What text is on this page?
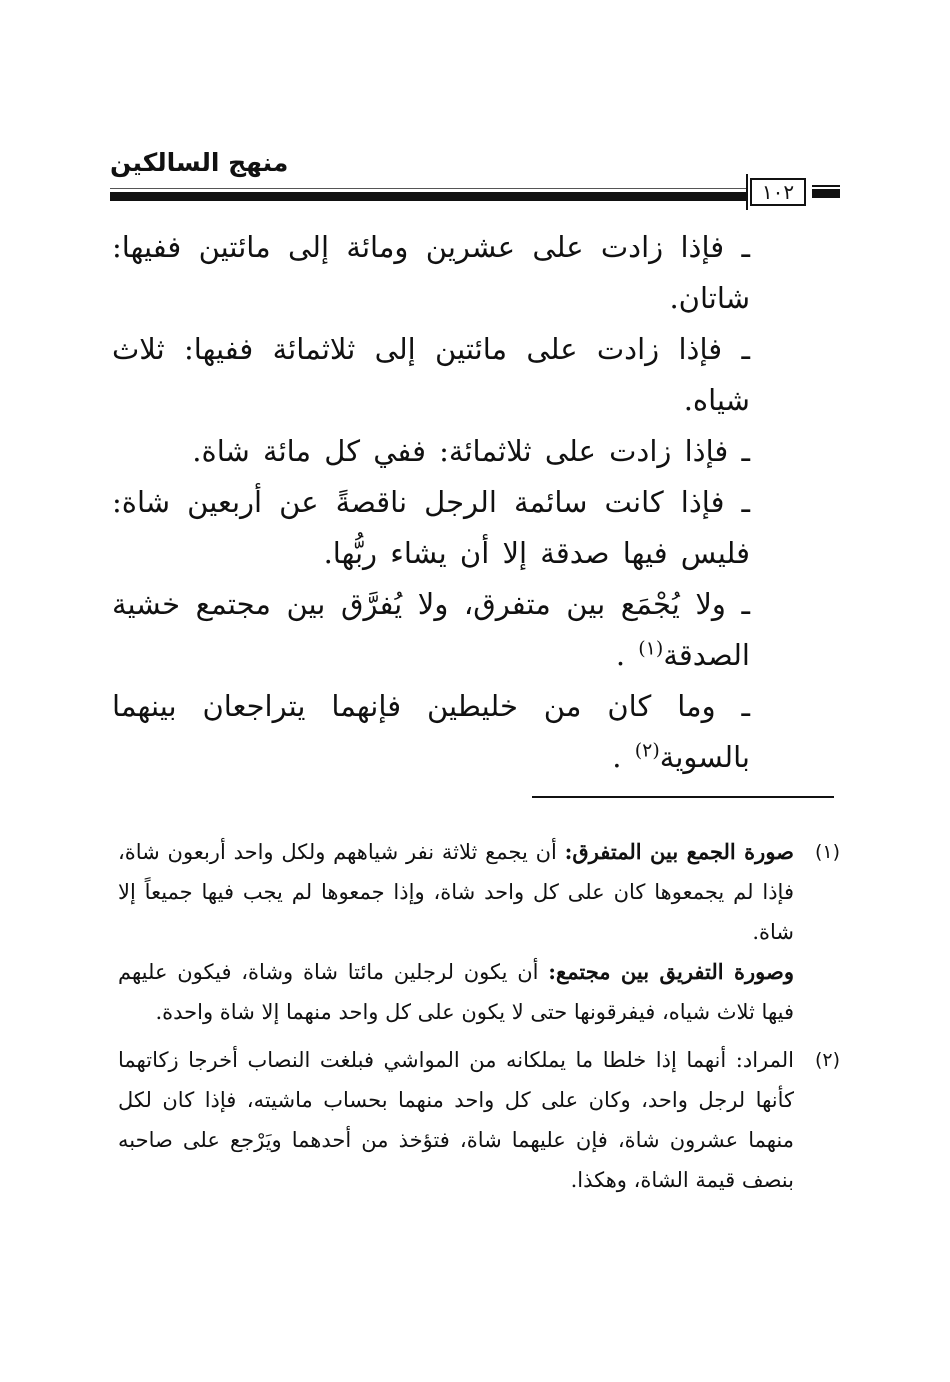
منهج السالكين
١٠٢

ـ فإذا زادت على عشرين ومائة إلى مائتين ففيها: شاتان.

ـ فإذا زادت على مائتين إلى ثلاثمائة ففيها: ثلاث شياه.

ـ فإذا زادت على ثلاثمائة: ففي كل مائة شاة.

ـ فإذا كانت سائمة الرجل ناقصةً عن أربعين شاة: فليس فيها صدقة إلا أن يشاء ربُّها.

ـ ولا يُجْمَع بين متفرق، ولا يُفرَّق بين مجتمع خشية الصدقة$^{(١)}$ .

ـ وما كان من خليطين فإنهما يتراجعان بينهما بالسوية$^{(٢)}$ .

(١)

صورة الجمع بين المتفرق: أن يجمع ثلاثة نفر شياههم ولكل واحد أربعون شاة، فإذا لم يجمعوها كان على كل واحد شاة، وإذا جمعوها لم يجب فيها جميعاً إلا شاة.

وصورة التفريق بين مجتمع: أن يكون لرجلين مائتا شاة وشاة، فيكون عليهم فيها ثلاث شياه، فيفرقونها حتى لا يكون على كل واحد منهما إلا شاة واحدة.

(٢)

المراد: أنهما إذا خلطا ما يملكانه من المواشي فبلغت النصاب أخرجا زكاتهما كأنها لرجل واحد، وكان على كل واحد منهما بحساب ماشيته، فإذا كان لكل منهما عشرون شاة، فإن عليهما شاة، فتؤخذ من أحدهما ويَرْجع على صاحبه بنصف قيمة الشاة، وهكذا.
